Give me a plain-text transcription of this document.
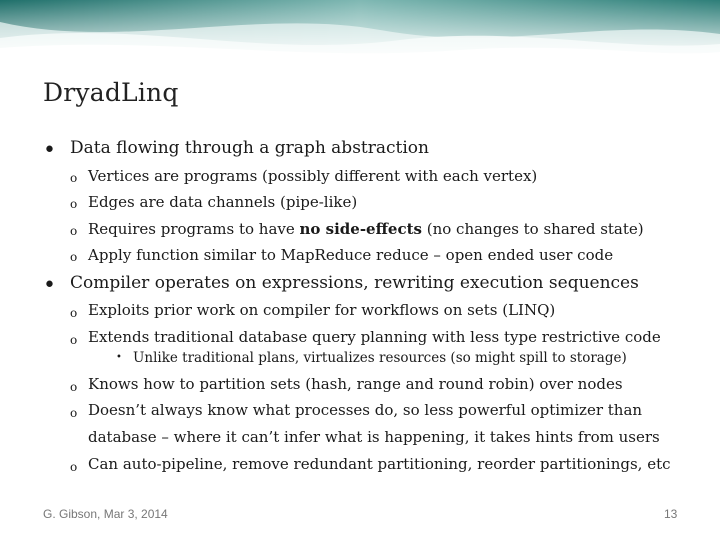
DryadLinq
• Data flowing through a graph abstraction
o Vertices are programs (possibly different with each vertex)
o Edges are data channels (pipe-like)
o Requires programs to have no side-effects (no changes to shared state)
o Apply function similar to MapReduce reduce – open ended user code
• Compiler operates on expressions, rewriting execution sequences
o Exploits prior work on compiler for workflows on sets (LINQ)
o Extends traditional database query planning with less type restrictive code
• Unlike traditional plans, virtualizes resources (so might spill to storage)
o Knows how to partition sets (hash, range and round robin) over nodes
o Doesn’t always know what processes do, so less powerful optimizer than
database – where it can’t infer what is happening, it takes hints from users
o Can auto-pipeline, remove redundant partitioning, reorder partitionings, etc
G. Gibson, Mar 3, 2014	13
